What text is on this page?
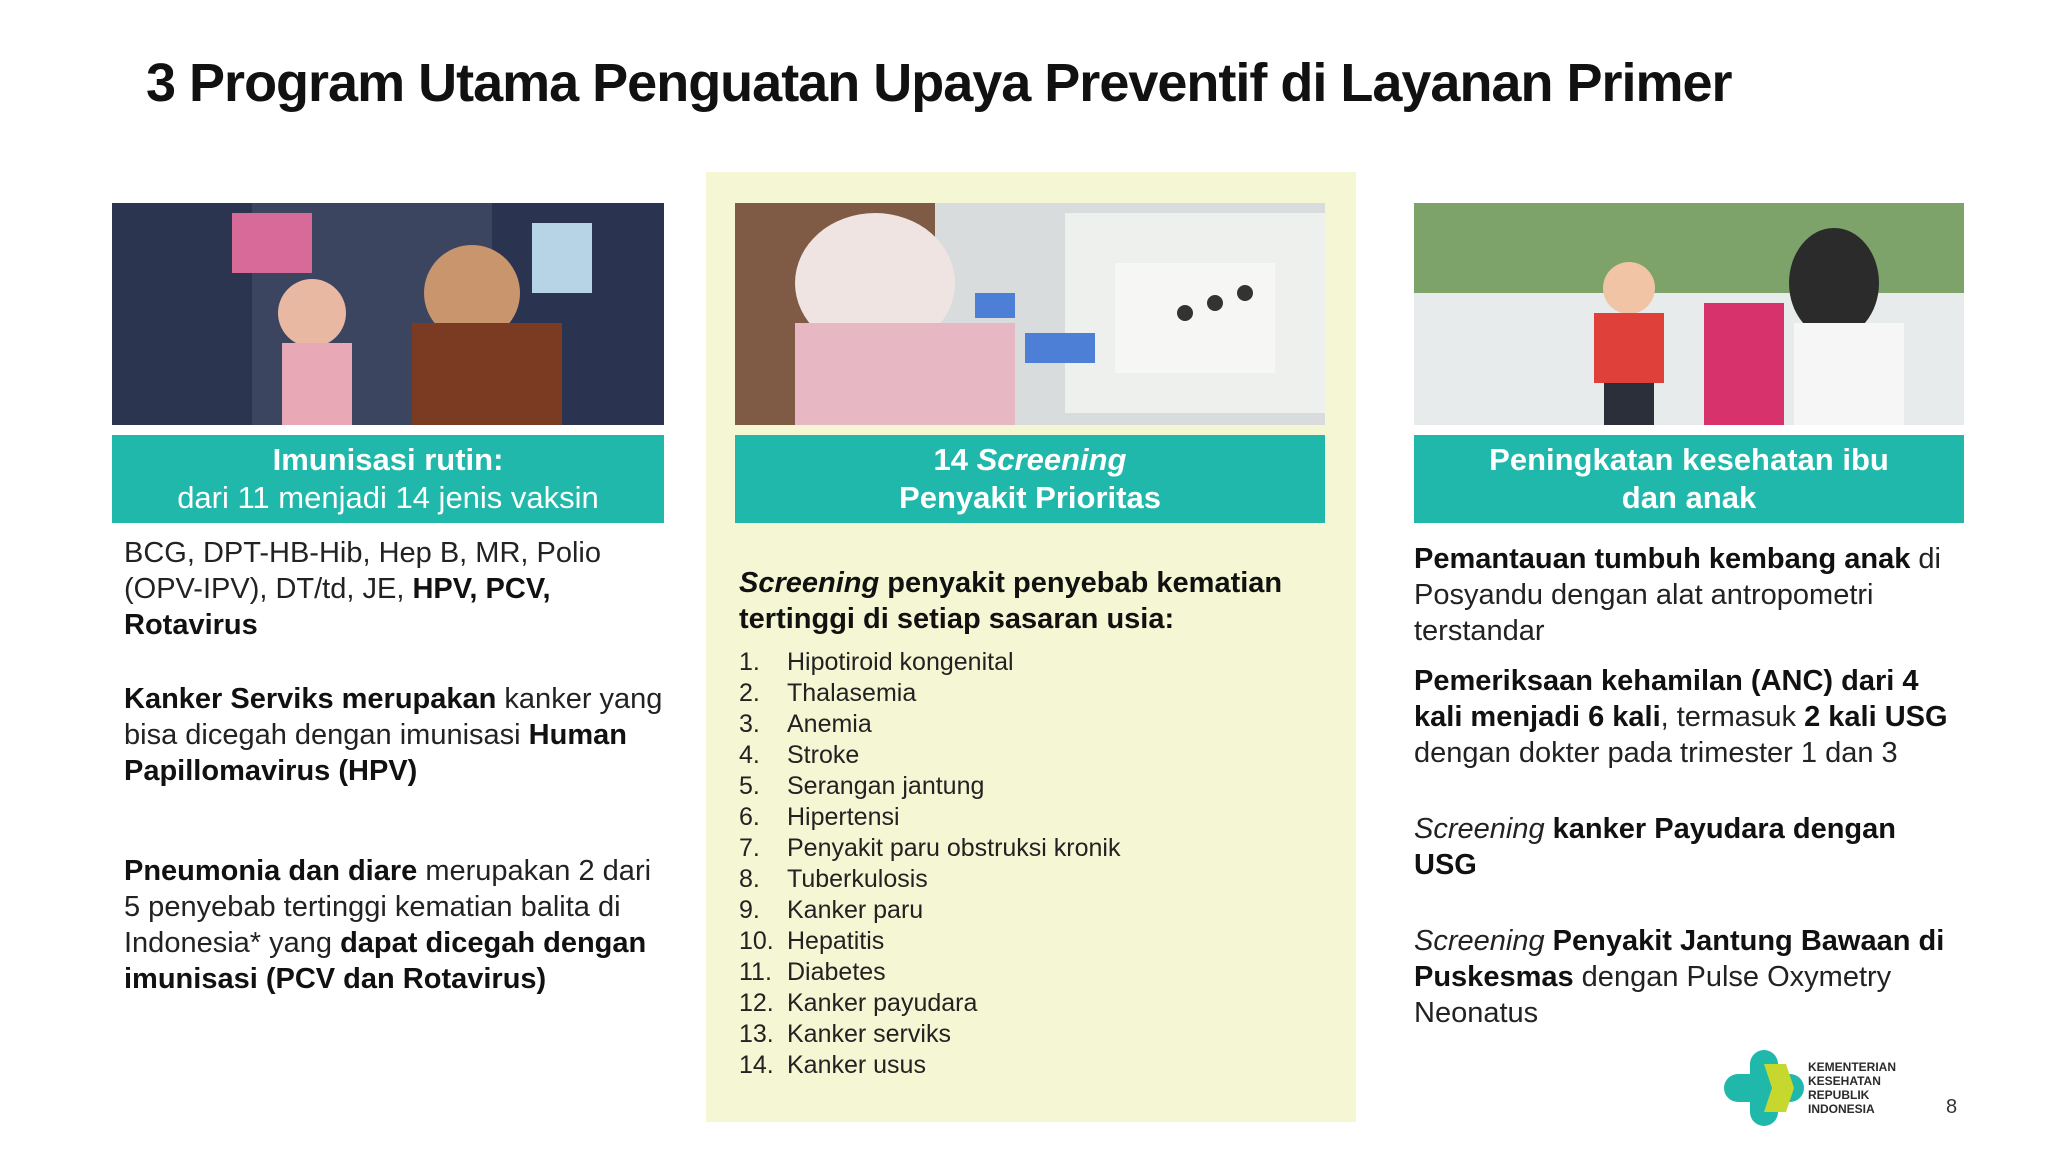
3 Program Utama Penguatan Upaya Preventif di Layanan Primer
Imunisasi rutin:
dari 11 menjadi 14 jenis vaksin

BCG, DPT-HB-Hib, Hep B, MR, Polio (OPV-IPV), DT/td, JE, HPV, PCV, Rotavirus

Kanker Serviks merupakan kanker yang bisa dicegah dengan imunisasi Human Papillomavirus (HPV)

Pneumonia dan diare merupakan 2 dari 5 penyebab tertinggi kematian balita di Indonesia* yang dapat dicegah dengan imunisasi (PCV dan Rotavirus)

14 Screening
Penyakit Prioritas

Screening penyakit penyebab kematian tertinggi di setiap sasaran usia:

1.	Hipotiroid kongenital
2.	Thalasemia
3.	Anemia
4.	Stroke
5.	Serangan jantung
6.	Hipertensi
7.	Penyakit paru obstruksi kronik
8.	Tuberkulosis
9.	Kanker paru
10. Hepatitis
11. Diabetes
12. Kanker payudara
13. Kanker serviks
14. Kanker usus
Peningkatan kesehatan ibu
dan anak

Pemantauan tumbuh kembang anak di Posyandu dengan alat antropometri terstandar

Pemeriksaan kehamilan (ANC) dari 4 kali menjadi 6 kali, termasuk 2 kali USG dengan dokter pada trimester 1 dan 3

Screening kanker Payudara dengan USG

Screening Penyakit Jantung Bawaan di Puskesmas dengan Pulse Oxymetry Neonatus

KEMENTERIAN
KESEHATAN
REPUBLIK
INDONESIA	8
